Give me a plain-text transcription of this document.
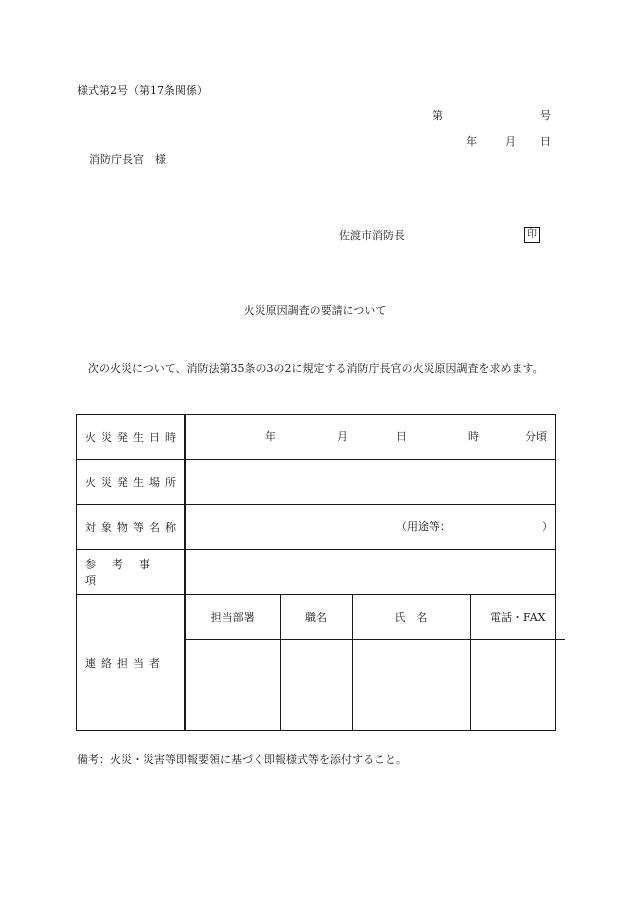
様式第2号（第17条関係）
第	号
年	月 日
消防庁長官　様
佐渡市消防長	印
火災原因調査の要請について
次の火災について、消防法第35条の3の2に規定する消防庁長官の火災原因調査を求めます。
火災発生日時	年	月	日	時	分頃

火災発生場所	
対象物等名称	（用途等：	）

参考事項	
連絡担当者	
担当部署	職名	氏　名	電話・FAX

備考：火災・災害等即報要領に基づく即報様式等を添付すること。
